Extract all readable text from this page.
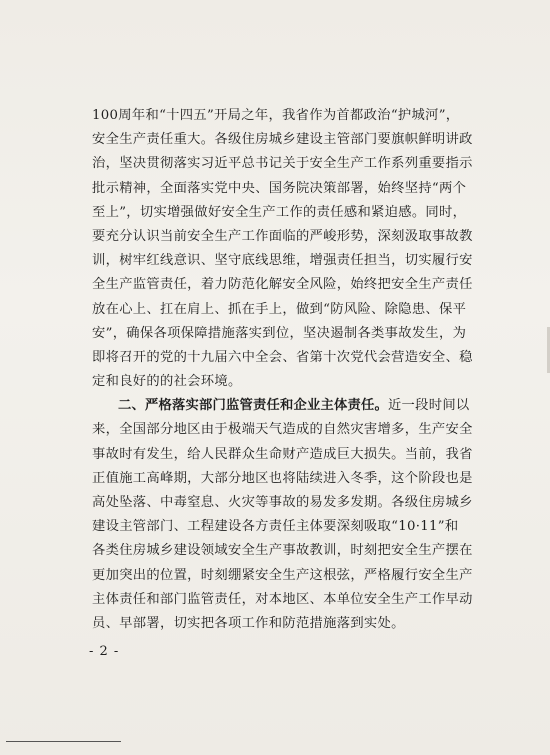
100周年和“十四五”开局之年，我省作为首都政治“护城河”，
安全生产责任重大。各级住房城乡建设主管部门要旗帜鲜明讲政
治，坚决贯彻落实习近平总书记关于安全生产工作系列重要指示
批示精神，全面落实党中央、国务院决策部署，始终坚持“两个
至上”，切实增强做好安全生产工作的责任感和紧迫感。同时，
要充分认识当前安全生产工作面临的严峻形势，深刻汲取事故教
训，树牢红线意识、坚守底线思维，增强责任担当，切实履行安
全生产监管责任，着力防范化解安全风险，始终把安全生产责任
放在心上、扛在肩上、抓在手上，做到“防风险、除隐患、保平
安”，确保各项保障措施落实到位，坚决遏制各类事故发生，为
即将召开的党的十九届六中全会、省第十次党代会营造安全、稳
定和良好的的社会环境。
二、严格落实部门监管责任和企业主体责任。近一段时间以
来，全国部分地区由于极端天气造成的自然灾害增多，生产安全
事故时有发生，给人民群众生命财产造成巨大损失。当前，我省
正值施工高峰期，大部分地区也将陆续进入冬季，这个阶段也是
高处坠落、中毒窒息、火灾等事故的易发多发期。各级住房城乡
建设主管部门、工程建设各方责任主体要深刻吸取“10·11”和
各类住房城乡建设领域安全生产事故教训，时刻把安全生产摆在
更加突出的位置，时刻绷紧安全生产这根弦，严格履行安全生产
主体责任和部门监管责任，对本地区、本单位安全生产工作早动
员、早部署，切实把各项工作和防范措施落到实处。
- 2 -
